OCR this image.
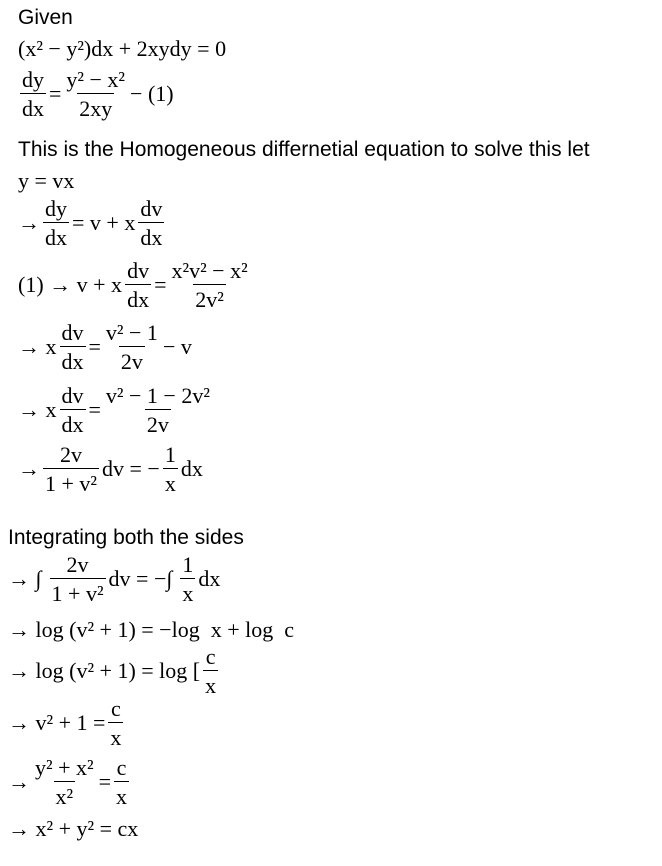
Given
(x² − y²)dx + 2xydy = 0
$\frac{dy}{dx} = \frac{\text{y² − x²}}{2xy} - (1)$
This is the Homogeneous differnetial equation to solve this let
y = vx
→ $\frac{dy}{dx} = v + x \frac{dv}{dx}$
(1) → v + x $\frac{dv}{dx} = \frac{\text{x²v² − x²}}{\text{2v²}}$
→ x $\frac{dv}{dx} = \frac{\text{v² − 1}}{2v} - v$
→ x $\frac{dv}{dx} = \frac{\text{v² − 1 − 2v²}}{2v}$
→ $\frac{2v}{\text{1 + v²}}$ dv = − $\frac{1}{x}$ dx
Integrating both the sides
→ ∫ $\frac{2v}{\text{1 + v²}}$ dv = −∫ $\frac{1}{x}$ dx
→ log (v² + 1) = −log  x + log  c
→ log (v² + 1) = log [ $\frac{c}{x}$
→ $v^2 + 1 = \frac{c}{x}$
→ $\frac{\text{y² + x²}}{\text{x²}} = \frac{c}{x}$
→ x² + y² = cx
